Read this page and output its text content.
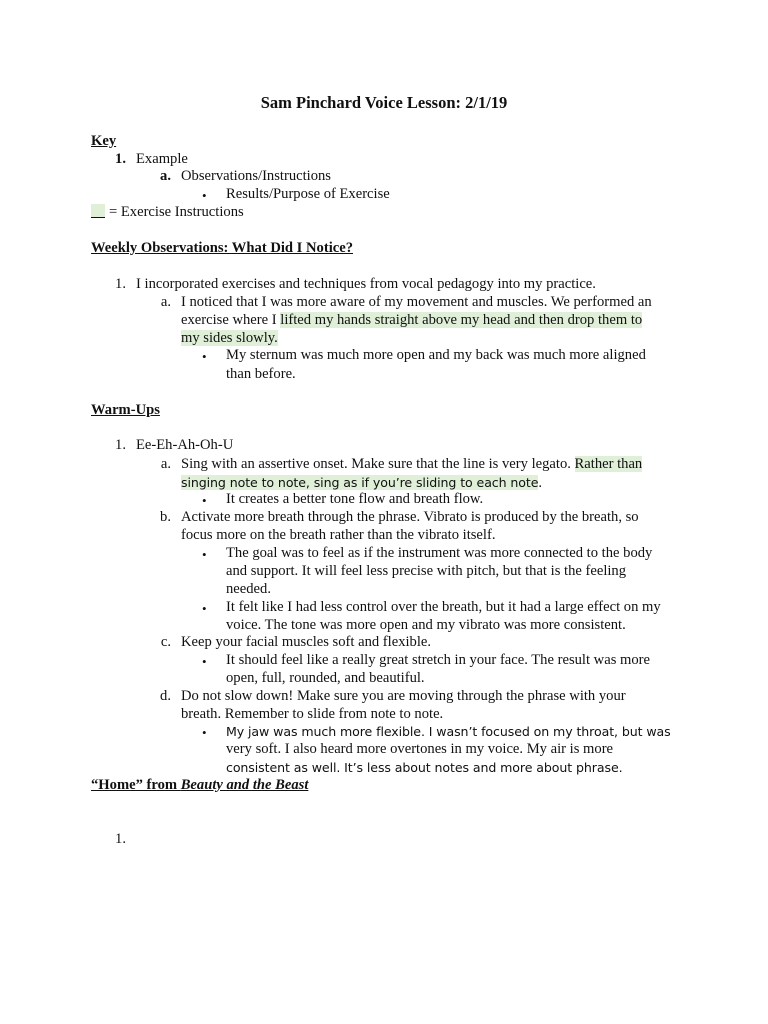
Sam Pinchard Voice Lesson: 2/1/19
Key
1. Example
a. Observations/Instructions
• Results/Purpose of Exercise
= Exercise Instructions
Weekly Observations: What Did I Notice?
1. I incorporated exercises and techniques from vocal pedagogy into my practice.
a. I noticed that I was more aware of my movement and muscles. We performed an
exercise where I lifted my hands straight above my head and then drop them to
my sides slowly.
• My sternum was much more open and my back was much more aligned
than before.
Warm-Ups
1. Ee-Eh-Ah-Oh-U
a. Sing with an assertive onset. Make sure that the line is very legato. Rather than
singing note to note, sing as if you’re sliding to each note.
• It creates a better tone flow and breath flow.
b. Activate more breath through the phrase. Vibrato is produced by the breath, so
focus more on the breath rather than the vibrato itself.
• The goal was to feel as if the instrument was more connected to the body
and support. It will feel less precise with pitch, but that is the feeling
needed.
• It felt like I had less control over the breath, but it had a large effect on my
voice. The tone was more open and my vibrato was more consistent.
c. Keep your facial muscles soft and flexible.
• It should feel like a really great stretch in your face. The result was more
open, full, rounded, and beautiful.
d. Do not slow down! Make sure you are moving through the phrase with your
breath. Remember to slide from note to note.
• My jaw was much more flexible. I wasn’t focused on my throat, but was
very soft. I also heard more overtones in my voice. My air is more
consistent as well. It’s less about notes and more about phrase.
“Home” from Beauty and the Beast
1.
